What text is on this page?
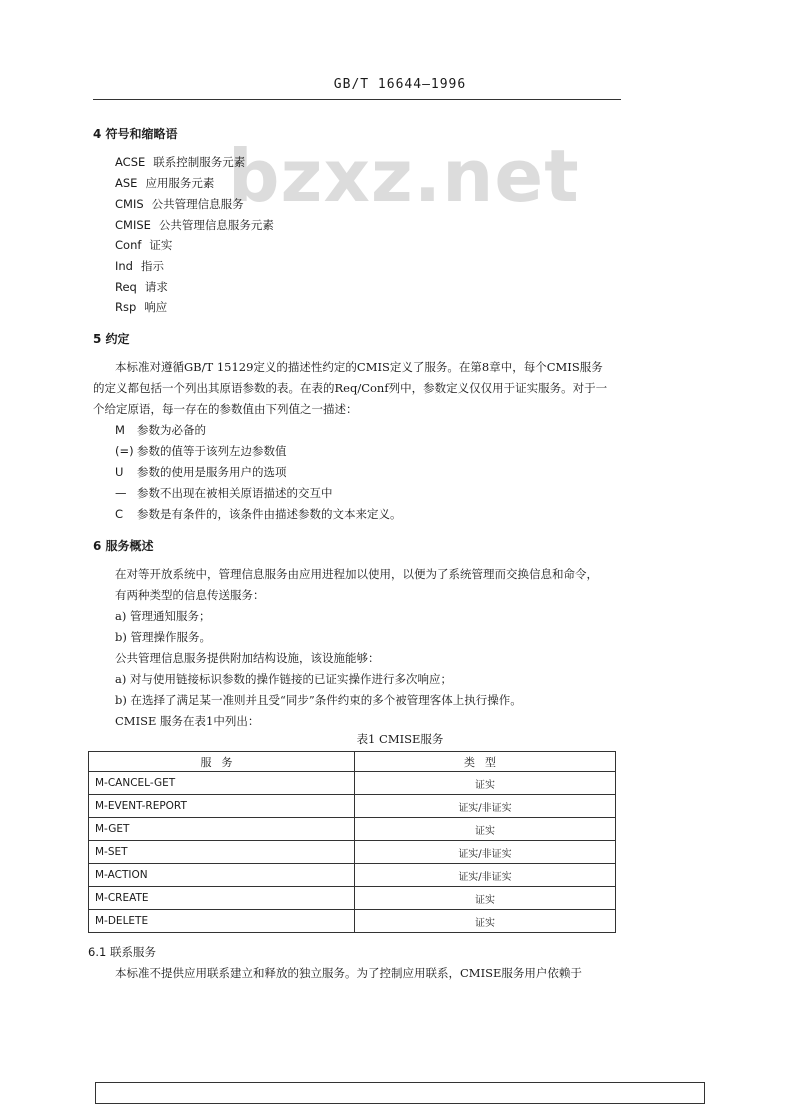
GB/T 16644—1996
bzxz.net
4 符号和缩略语
ACSE 联系控制服务元素
ASE 应用服务元素
CMIS 公共管理信息服务
CMISE 公共管理信息服务元素
Conf 证实
Ind 指示
Req 请求
Rsp 响应
5 约定
本标准对遵循GB/T 15129定义的描述性约定的CMIS定义了服务。在第8章中，每个CMIS服务
的定义都包括一个列出其原语参数的表。在表的Req/Conf列中，参数定义仅仅用于证实服务。对于一
个给定原语，每一存在的参数值由下列值之一描述：
M 参数为必备的
(=) 参数的值等于该列左边参数值
U 参数的使用是服务用户的选项
— 参数不出现在被相关原语描述的交互中
C 参数是有条件的，该条件由描述参数的文本来定义。
6 服务概述
在对等开放系统中，管理信息服务由应用进程加以使用，以便为了系统管理而交换信息和命令，
有两种类型的信息传送服务：
a) 管理通知服务；
b) 管理操作服务。
公共管理信息服务提供附加结构设施，该设施能够：
a) 对与使用链接标识参数的操作链接的已证实操作进行多次响应；
b) 在选择了满足某一准则并且受“同步”条件约束的多个被管理客体上执行操作。
CMISE 服务在表1中列出：
表1 CMISE服务
服务	类型
M-CANCEL-GET	证实
M-EVENT-REPORT	证实/非证实
M-GET	证实
M-SET	证实/非证实
M-ACTION	证实/非证实
M-CREATE	证实
M-DELETE	证实
6.1 联系服务
本标准不提供应用联系建立和释放的独立服务。为了控制应用联系，CMISE服务用户依赖于
